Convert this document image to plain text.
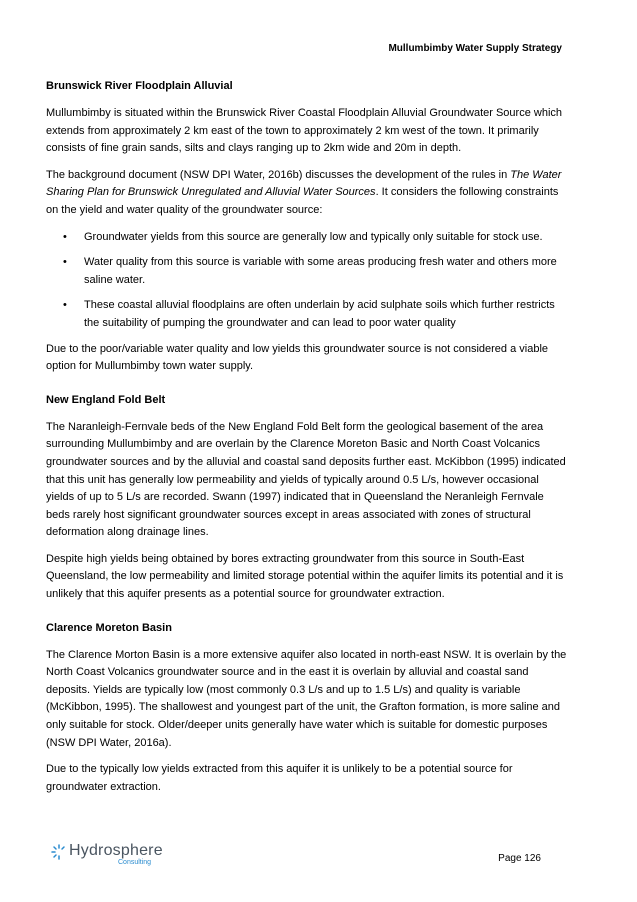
Mullumbimby Water Supply Strategy
Brunswick River Floodplain Alluvial

Mullumbimby is situated within the Brunswick River Coastal Floodplain Alluvial Groundwater Source which extends from approximately 2 km east of the town to approximately 2 km west of the town. It primarily consists of fine grain sands, silts and clays ranging up to 2km wide and 20m in depth.

The background document (NSW DPI Water, 2016b) discusses the development of the rules in The Water Sharing Plan for Brunswick Unregulated and Alluvial Water Sources. It considers the following constraints on the yield and water quality of the groundwater source:

• Groundwater yields from this source are generally low and typically only suitable for stock use.
• Water quality from this source is variable with some areas producing fresh water and others more saline water.
• These coastal alluvial floodplains are often underlain by acid sulphate soils which further restricts the suitability of pumping the groundwater and can lead to poor water quality

Due to the poor/variable water quality and low yields this groundwater source is not considered a viable option for Mullumbimby town water supply.

New England Fold Belt

The Naranleigh-Fernvale beds of the New England Fold Belt form the geological basement of the area surrounding Mullumbimby and are overlain by the Clarence Moreton Basic and North Coast Volcanics groundwater sources and by the alluvial and coastal sand deposits further east. McKibbon (1995) indicated that this unit has generally low permeability and yields of typically around 0.5 L/s, however occasional yields of up to 5 L/s are recorded. Swann (1997) indicated that in Queensland the Neranleigh Fernvale beds rarely host significant groundwater sources except in areas associated with zones of structural deformation along drainage lines.

Despite high yields being obtained by bores extracting groundwater from this source in South-East Queensland, the low permeability and limited storage potential within the aquifer limits its potential and it is unlikely that this aquifer presents as a potential source for groundwater extraction.

Clarence Moreton Basin

The Clarence Morton Basin is a more extensive aquifer also located in north-east NSW. It is overlain by the North Coast Volcanics groundwater source and in the east it is overlain by alluvial and coastal sand deposits. Yields are typically low (most commonly 0.3 L/s and up to 1.5 L/s) and quality is variable (McKibbon, 1995). The shallowest and youngest part of the unit, the Grafton formation, is more saline and only suitable for stock. Older/deeper units generally have water which is suitable for domestic purposes (NSW DPI Water, 2016a).

Due to the typically low yields extracted from this aquifer it is unlikely to be a potential source for groundwater extraction.

Hydrosphere
Consulting	Page 126
